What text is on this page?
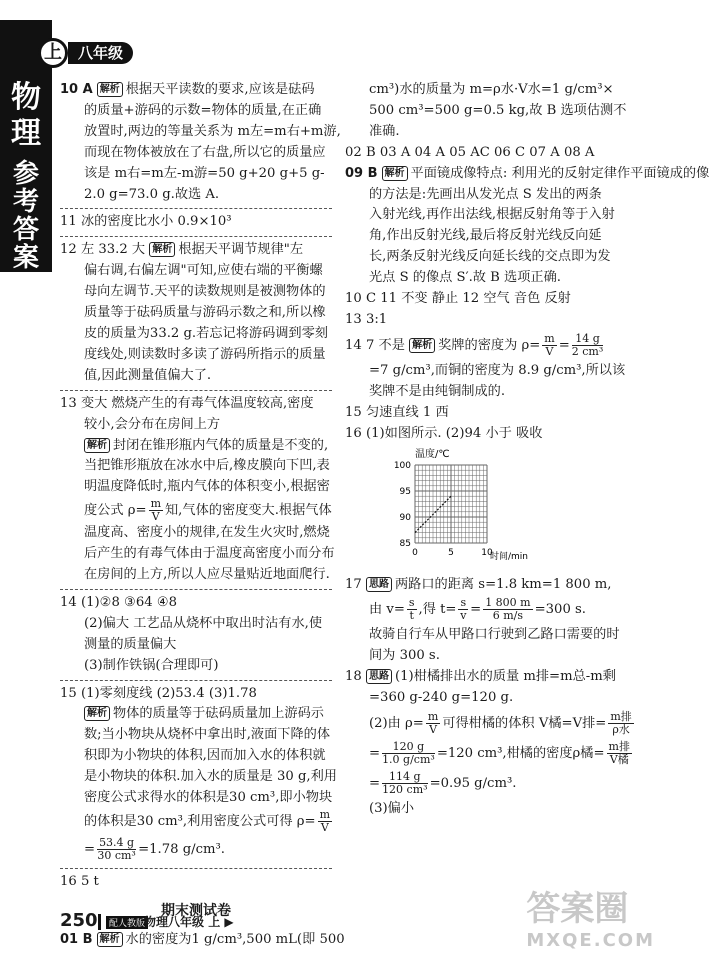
物
理
参
考
答
案
上	八年级
10 A 解析 根据天平读数的要求,应该是砝码
的质量+游码的示数=物体的质量,在正确
放置时,两边的等量关系为 m左=m右+m游,
而现在物体被放在了右盘,所以它的质量应
该是 m右=m左-m游=50 g+20 g+5 g-
2.0 g=73.0 g.故选 A.
11 冰的密度比水小 0.9×10³
12 左 33.2 大 解析 根据天平调节规律"左
偏右调,右偏左调"可知,应使右端的平衡螺
母向左调节.天平的读数规则是被测物体的
质量等于砝码质量与游码示数之和,所以橡
皮的质量为33.2 g.若忘记将游码调到零刻
度线处,则读数时多读了游码所指示的质量
值,因此测量值偏大了.
13 变大 燃烧产生的有毒气体温度较高,密度
较小,会分布在房间上方
解析 封闭在锥形瓶内气体的质量是不变的,
当把锥形瓶放在冰水中后,橡皮膜向下凹,表
明温度降低时,瓶内气体的体积变小,根据密
度公式 $\rho= \frac{m}{V}$ 知,气体的密度变大.根据气体
温度高、密度小的规律,在发生火灾时,燃烧
后产生的有毒气体由于温度高密度小而分布
在房间的上方,所以人应尽量贴近地面爬行.
14 (1)②8 ③64 ④8
(2)偏大 工艺品从烧杯中取出时沾有水,使
测量的质量偏大
(3)制作铁锅(合理即可)
15 (1)零刻度线 (2)53.4 (3)1.78
解析 物体的质量等于砝码质量加上游码示
数;当小物块从烧杯中拿出时,液面下降的体
积即为小物块的体积,因而加入水的体积就
是小物块的体积.加入水的质量是 30 g,利用
密度公式求得水的体积是30 cm³,即小物块
的体积是30 cm³,利用密度公式可得 $\rho= \frac{m}{V}$
= $\frac{53.4 g}{\text{30 cm³}} =1.78$ g/cm³.
16 5 t
期末测试卷
01 B 解析 水的密度为1 g/cm³,500 mL(即 500
cm³)水的质量为 m=ρ水·V水=1 g/cm³×
500 cm³=500 g=0.5 kg,故 B 选项估测不
准确.
02 B 03 A 04 A 05 AC 06 C 07 A 08 A
09 B 解析 平面镜成像特点: 利用光的反射定律作平面镜成的像
的方法是:先画出从发光点 S 发出的两条
入射光线,再作出法线,根据反射角等于入射
角,作出反射光线,最后将反射光线反向延
长,两条反射光线反向延长线的交点即为发
光点 S 的像点 S′.故 B 选项正确.
10 C 11 不变 静止 12 空气 音色 反射
13 3:1
14 7 不是 解析 奖牌的密度为 $\rho= \frac{m}{V} = \frac{14 g}{\text{2 cm³}}$
=7 g/cm³,而铜的密度为 8.9 g/cm³,所以该
奖牌不是由纯铜制成的.
15 匀速直线 1 西
16 (1)如图所示. (2)94 小于 吸收
85
90
95
100
0	5	10
温度/℃
时间/min
17 思路 两路口的距离 s=1.8 km=1 800 m,
由 $v= \frac{s}{t}$ ,得 $t= \frac{s}{v} = \frac{1 800 m}{6 m/s} =300$ s.
故骑自行车从甲路口行驶到乙路口需要的时
间为 300 s.
18 思路 (1)柑橘排出水的质量 m排=m总-m剩
=360 g-240 g=120 g.
(2)由 $\rho= \frac{m}{V}$ 可得柑橘的体积 V橘=V排= $\frac{\text{m排}}{\text{ρ水}}$
= $\frac{120 g}{\text{1.0 g/cm³}} =120$ cm³,柑橘的密度ρ橘= $\frac{\text{m排}}{\text{V橘}}$
= $\frac{114 g}{\text{120 cm³}} =0.95$ g/cm³.
(3)偏小
250	配人教版
物理八年级 上 ▶	答案圈
MXQE.COM
